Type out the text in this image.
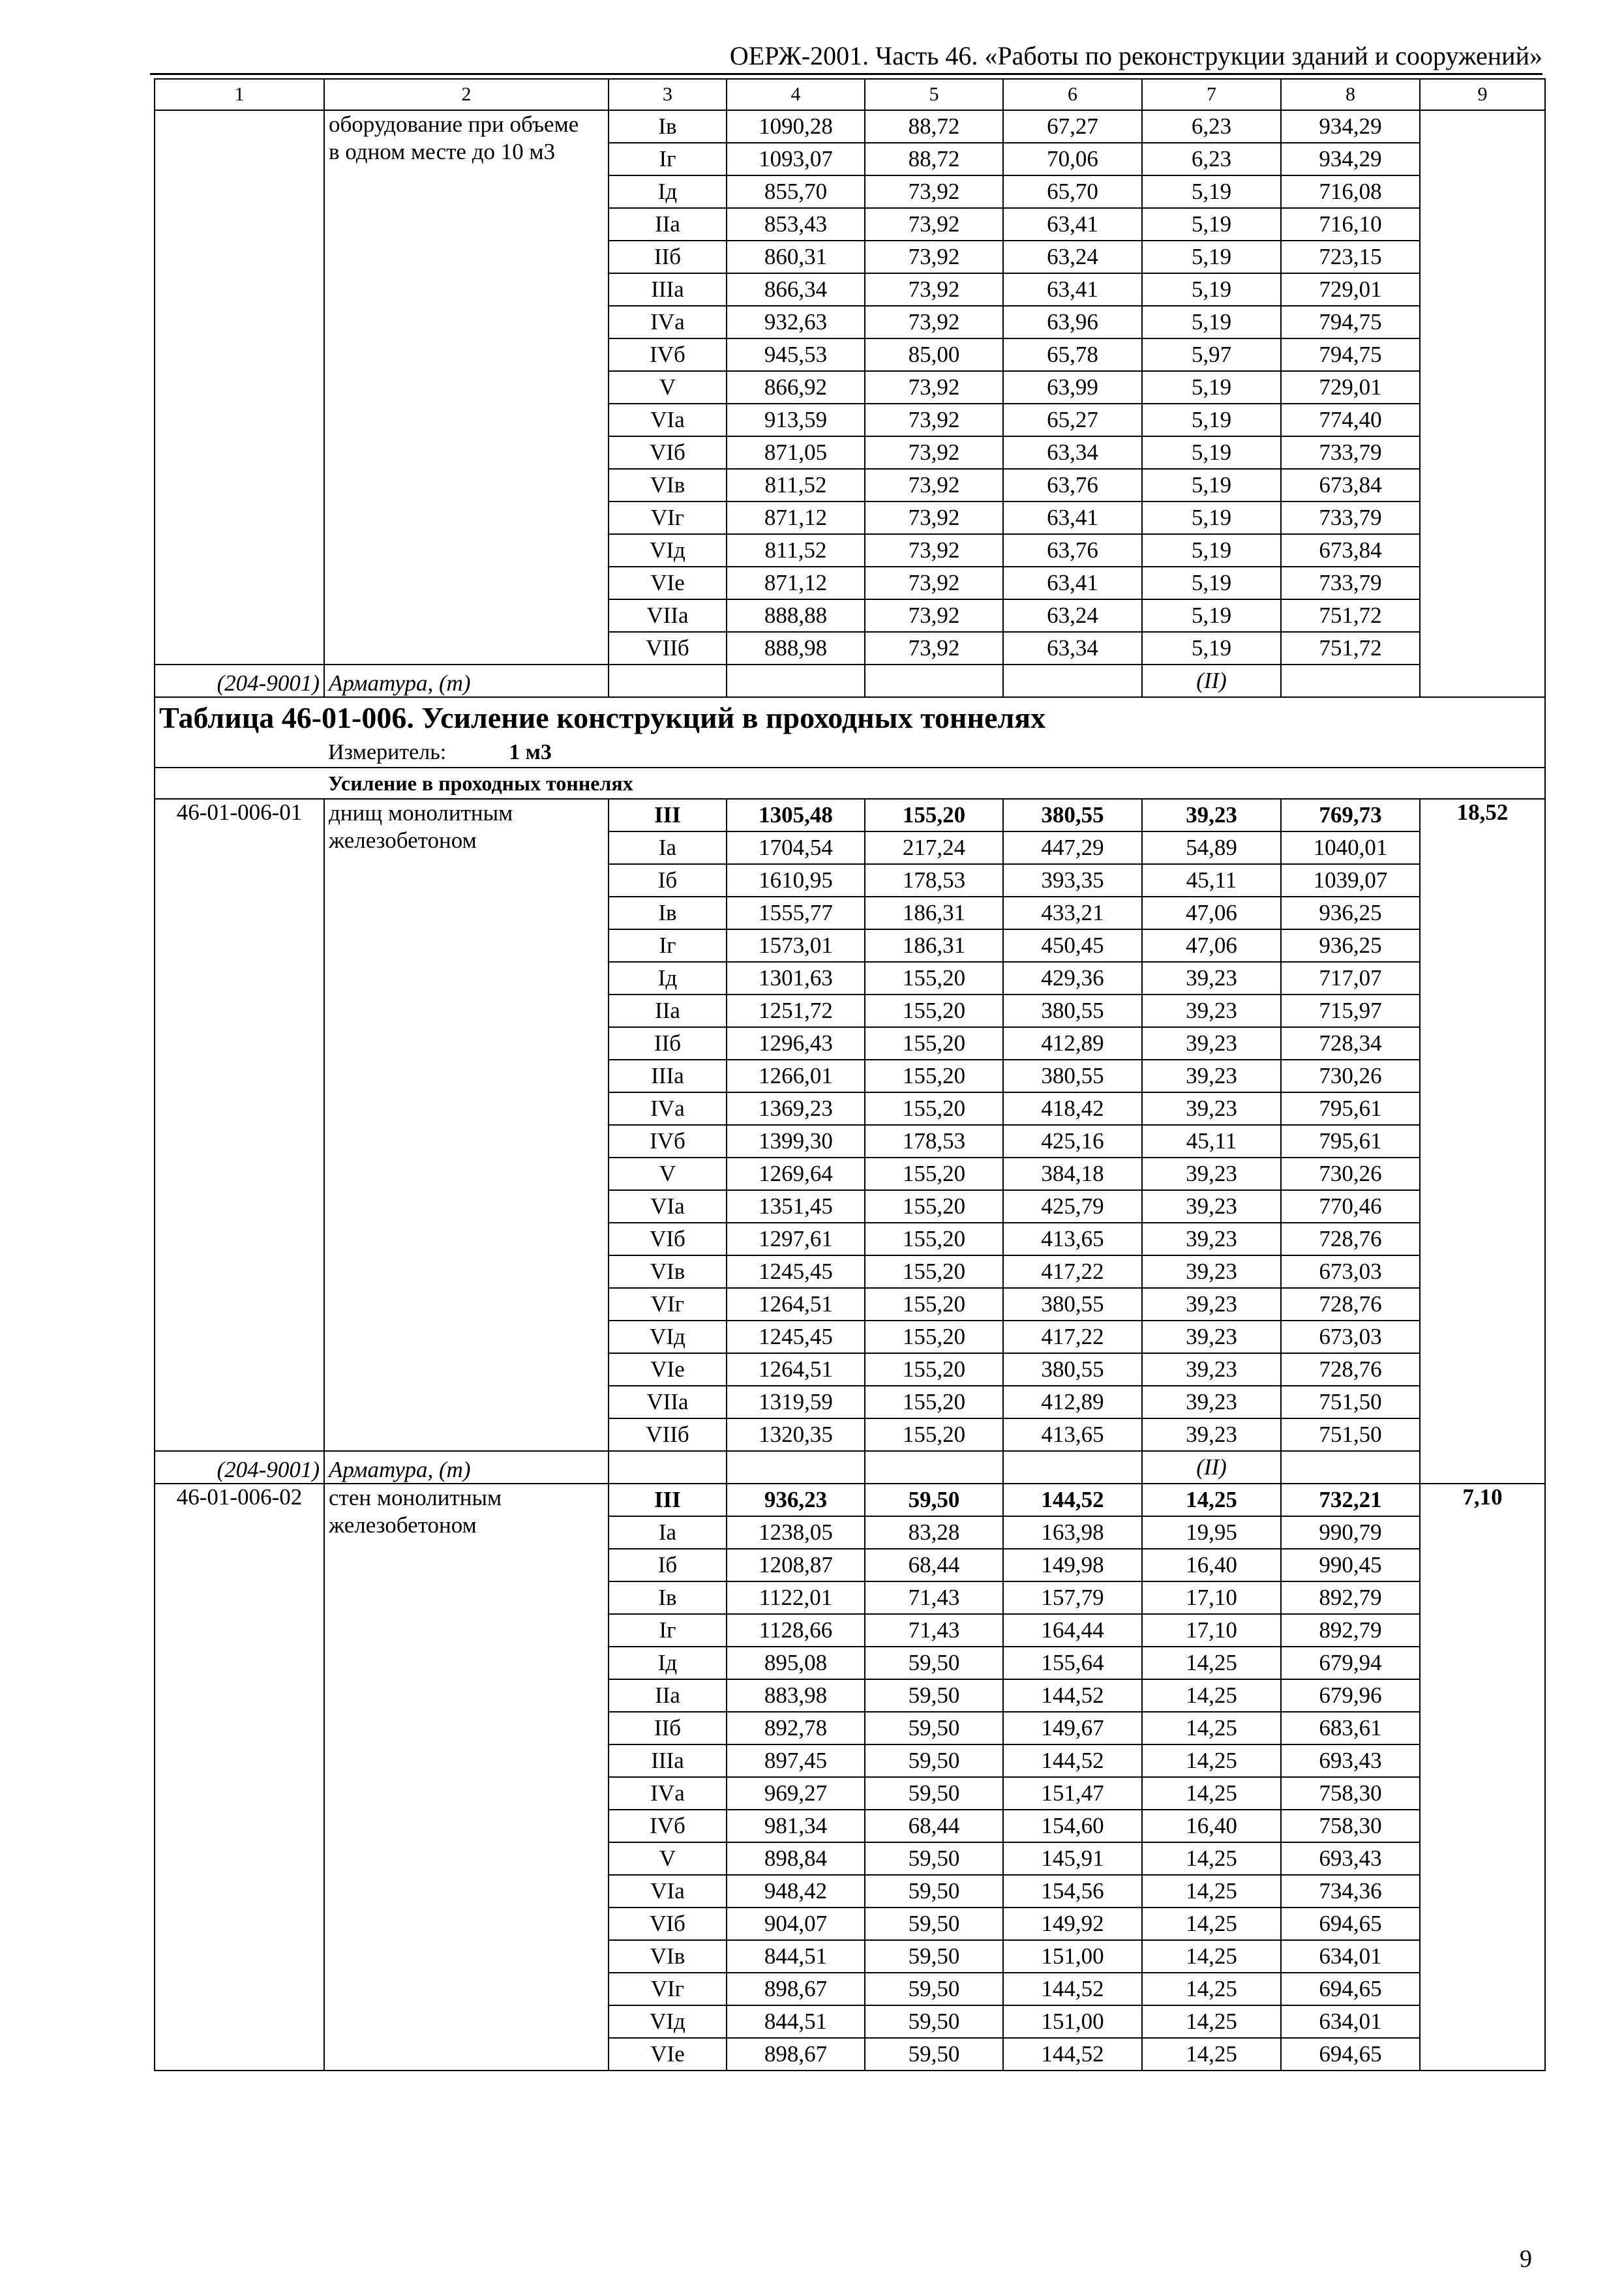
ОЕРЖ-2001. Часть 46. «Работы по реконструкции зданий и сооружений»
1	2	3	4	5	6	7	8	9

	оборудование при объеме
в одном месте до 10 м3	Iв	1090,28	88,72	67,27	6,23	934,29	
		Iг	1093,07	88,72	70,06	6,23	934,29	
		Iд	855,70	73,92	65,70	5,19	716,08	
		IIа	853,43	73,92	63,41	5,19	716,10	
		IIб	860,31	73,92	63,24	5,19	723,15	
		IIIа	866,34	73,92	63,41	5,19	729,01	
		IVа	932,63	73,92	63,96	5,19	794,75	
		IVб	945,53	85,00	65,78	5,97	794,75	
		V	866,92	73,92	63,99	5,19	729,01	
		VIа	913,59	73,92	65,27	5,19	774,40	
		VIб	871,05	73,92	63,34	5,19	733,79	
		VIв	811,52	73,92	63,76	5,19	673,84	
		VIг	871,12	73,92	63,41	5,19	733,79	
		VIд	811,52	73,92	63,76	5,19	673,84	
		VIе	871,12	73,92	63,41	5,19	733,79	
		VIIа	888,88	73,92	63,24	5,19	751,72	
		VIIб	888,98	73,92	63,34	5,19	751,72	
(204-9001)	Арматура, (т)					(II)		
Таблица 46-01-006. Усиление конструкций в проходных тоннелях								
	Измеритель: 1 м3							
	Усиление в проходных тоннелях							
46-01-006-01	днищ монолитным
железобетоном	III	1305,48	155,20	380,55	39,23	769,73	18,52
		Iа	1704,54	217,24	447,29	54,89	1040,01	
		Iб	1610,95	178,53	393,35	45,11	1039,07	
		Iв	1555,77	186,31	433,21	47,06	936,25	
		Iг	1573,01	186,31	450,45	47,06	936,25	
		Iд	1301,63	155,20	429,36	39,23	717,07	
		IIа	1251,72	155,20	380,55	39,23	715,97	
		IIб	1296,43	155,20	412,89	39,23	728,34	
		IIIа	1266,01	155,20	380,55	39,23	730,26	
		IVа	1369,23	155,20	418,42	39,23	795,61	
		IVб	1399,30	178,53	425,16	45,11	795,61	
		V	1269,64	155,20	384,18	39,23	730,26	
		VIа	1351,45	155,20	425,79	39,23	770,46	
		VIб	1297,61	155,20	413,65	39,23	728,76	
		VIв	1245,45	155,20	417,22	39,23	673,03	
		VIг	1264,51	155,20	380,55	39,23	728,76	
		VIд	1245,45	155,20	417,22	39,23	673,03	
		VIе	1264,51	155,20	380,55	39,23	728,76	
		VIIа	1319,59	155,20	412,89	39,23	751,50	
		VIIб	1320,35	155,20	413,65	39,23	751,50	
(204-9001)	Арматура, (т)					(II)		
46-01-006-02	стен монолитным
железобетоном	III	936,23	59,50	144,52	14,25	732,21	7,10
		Iа	1238,05	83,28	163,98	19,95	990,79	
		Iб	1208,87	68,44	149,98	16,40	990,45	
		Iв	1122,01	71,43	157,79	17,10	892,79	
		Iг	1128,66	71,43	164,44	17,10	892,79	
		Iд	895,08	59,50	155,64	14,25	679,94	
		IIа	883,98	59,50	144,52	14,25	679,96	
		IIб	892,78	59,50	149,67	14,25	683,61	
		IIIа	897,45	59,50	144,52	14,25	693,43	
		IVа	969,27	59,50	151,47	14,25	758,30	
		IVб	981,34	68,44	154,60	16,40	758,30	
		V	898,84	59,50	145,91	14,25	693,43	
		VIа	948,42	59,50	154,56	14,25	734,36	
		VIб	904,07	59,50	149,92	14,25	694,65	
		VIв	844,51	59,50	151,00	14,25	634,01	
		VIг	898,67	59,50	144,52	14,25	694,65	
		VIд	844,51	59,50	151,00	14,25	634,01	
		VIе	898,67	59,50	144,52	14,25	694,65	
9
